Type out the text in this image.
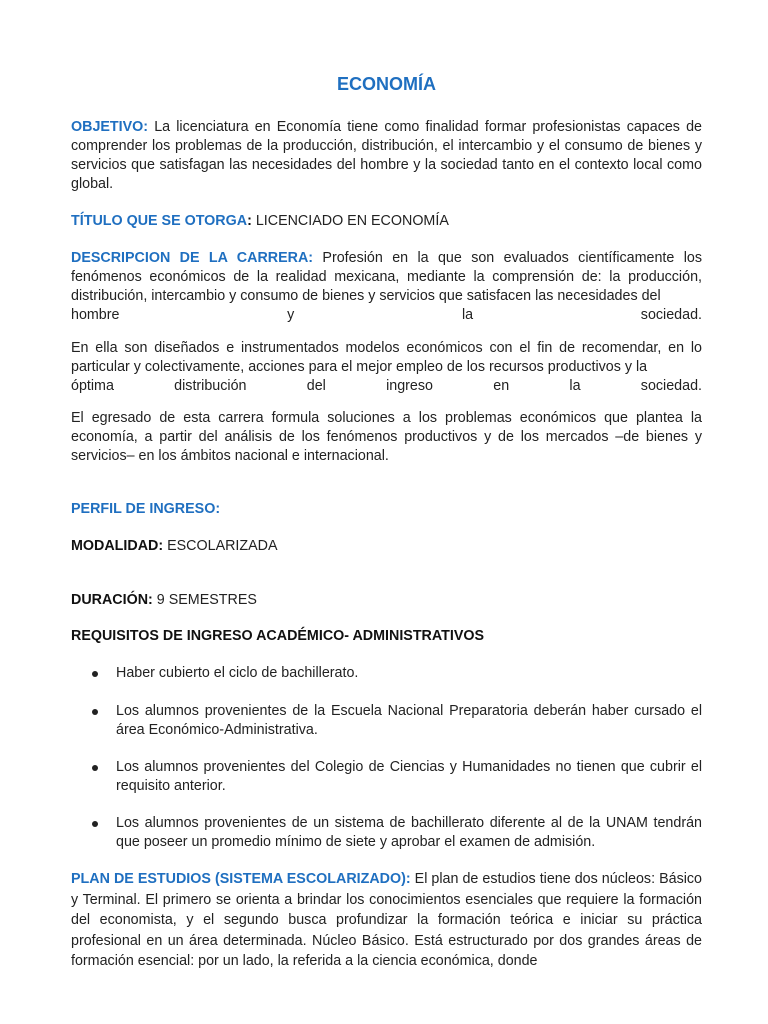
ECONOMÍA

OBJETIVO: La licenciatura en Economía tiene como finalidad formar profesionistas capaces de comprender los problemas de la producción, distribución, el intercambio y el consumo de bienes y servicios que satisfagan las necesidades del hombre y la sociedad tanto en el contexto local como global.

TÍTULO QUE SE OTORGA: LICENCIADO EN ECONOMÍA

DESCRIPCION DE LA CARRERA: Profesión en la que son evaluados científicamente los fenómenos económicos de la realidad mexicana, mediante la comprensión de: la producción, distribución, intercambio y consumo de bienes y servicios que satisfacen las necesidades del
hombre y la sociedad.

En ella son diseñados e instrumentados modelos económicos con el fin de recomendar, en lo particular y colectivamente, acciones para el mejor empleo de los recursos productivos y la
óptima distribución del ingreso en la sociedad.

El egresado de esta carrera formula soluciones a los problemas económicos que plantea la economía, a partir del análisis de los fenómenos productivos y de los mercados –de bienes y servicios– en los ámbitos nacional e internacional.

PERFIL DE INGRESO:

MODALIDAD: ESCOLARIZADA

DURACIÓN: 9 SEMESTRES

REQUISITOS DE INGRESO ACADÉMICO- ADMINISTRATIVOS

Haber cubierto el ciclo de bachillerato.
Los alumnos provenientes de la Escuela Nacional Preparatoria deberán haber cursado el área Económico-Administrativa.
Los alumnos provenientes del Colegio de Ciencias y Humanidades no tienen que cubrir el requisito anterior.
Los alumnos provenientes de un sistema de bachillerato diferente al de la UNAM tendrán que poseer un promedio mínimo de siete y aprobar el examen de admisión.

PLAN DE ESTUDIOS (SISTEMA ESCOLARIZADO): El plan de estudios tiene dos núcleos: Básico y Terminal. El primero se orienta a brindar los conocimientos esenciales que requiere la formación del economista, y el segundo busca profundizar la formación teórica e iniciar su práctica profesional en un área determinada. Núcleo Básico. Está estructurado por dos grandes áreas de formación esencial: por un lado, la referida a la ciencia económica, donde
